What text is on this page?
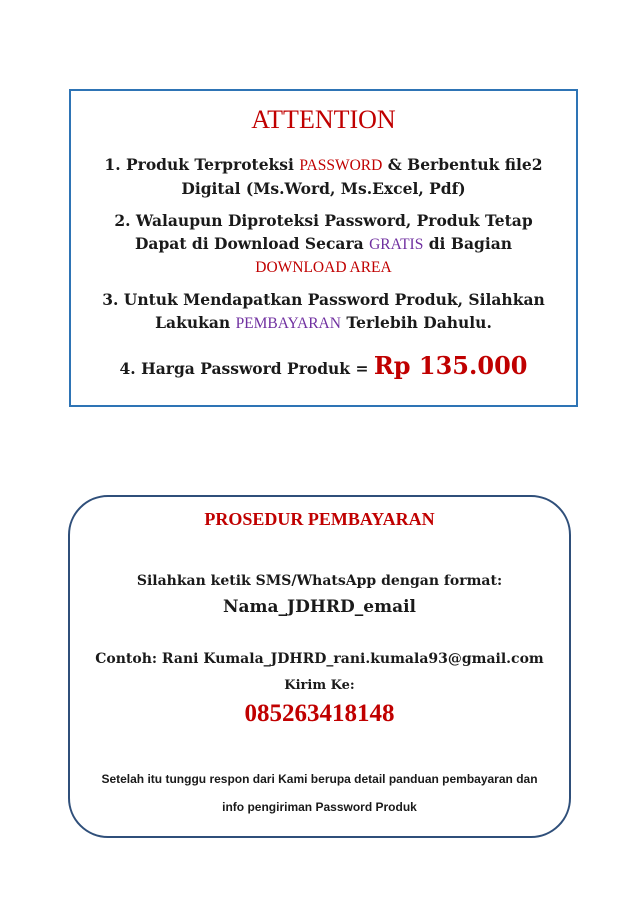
ATTENTION
1. Produk Terproteksi PASSWORD & Berbentuk file2
Digital (Ms.Word, Ms.Excel, Pdf)
2. Walaupun Diproteksi Password, Produk Tetap
Dapat di Download Secara GRATIS di Bagian
DOWNLOAD AREA
3. Untuk Mendapatkan Password Produk, Silahkan
Lakukan PEMBAYARAN Terlebih Dahulu.
4. Harga Password Produk = Rp 135.000
PROSEDUR PEMBAYARAN
Silahkan ketik SMS/WhatsApp dengan format:
Nama_JDHRD_email
Contoh: Rani Kumala_JDHRD_rani.kumala93@gmail.com
Kirim Ke:
085263418148
Setelah itu tunggu respon dari Kami berupa detail panduan pembayaran dan
info pengiriman Password Produk
